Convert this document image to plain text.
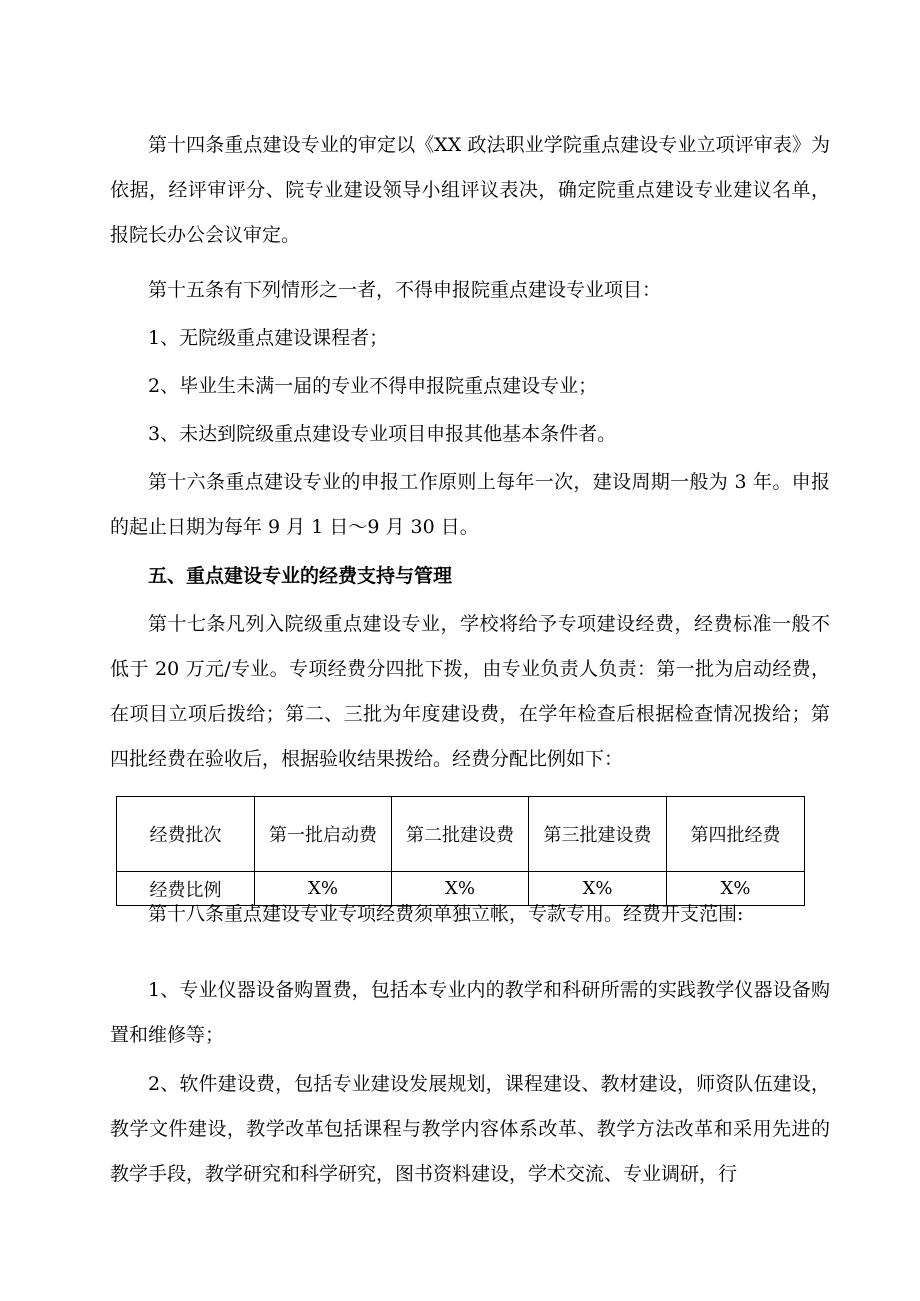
第十四条重点建设专业的审定以《XX 政法职业学院重点建设专业立项评审表》为依据，经评审评分、院专业建设领导小组评议表决，确定院重点建设专业建议名单，报院长办公会议审定。

第十五条有下列情形之一者，不得申报院重点建设专业项目：

1、无院级重点建设课程者；

2、毕业生未满一届的专业不得申报院重点建设专业；

3、未达到院级重点建设专业项目申报其他基本条件者。

第十六条重点建设专业的申报工作原则上每年一次，建设周期一般为 3 年。申报的起止日期为每年 9 月 1 日～9 月 30 日。

五、重点建设专业的经费支持与管理

第十七条凡列入院级重点建设专业，学校将给予专项建设经费，经费标准一般不低于 20 万元/专业。专项经费分四批下拨，由专业负责人负责：第一批为启动经费，在项目立项后拨给；第二、三批为年度建设费，在学年检查后根据检查情况拨给；第四批经费在验收后，根据验收结果拨给。经费分配比例如下：

经费批次	第一批启动费	第二批建设费	第三批建设费	第四批经费
经费比例	X%	X%	X%	X%

第十八条重点建设专业专项经费须单独立帐，专款专用。经费开支范围:

1、专业仪器设备购置费，包括本专业内的教学和科研所需的实践教学仪器设备购置和维修等；

2、软件建设费，包括专业建设发展规划，课程建设、教材建设，师资队伍建设，教学文件建设，教学改革包括课程与教学内容体系改革、教学方法改革和采用先进的教学手段，教学研究和科学研究，图书资料建设，学术交流、专业调研，行
